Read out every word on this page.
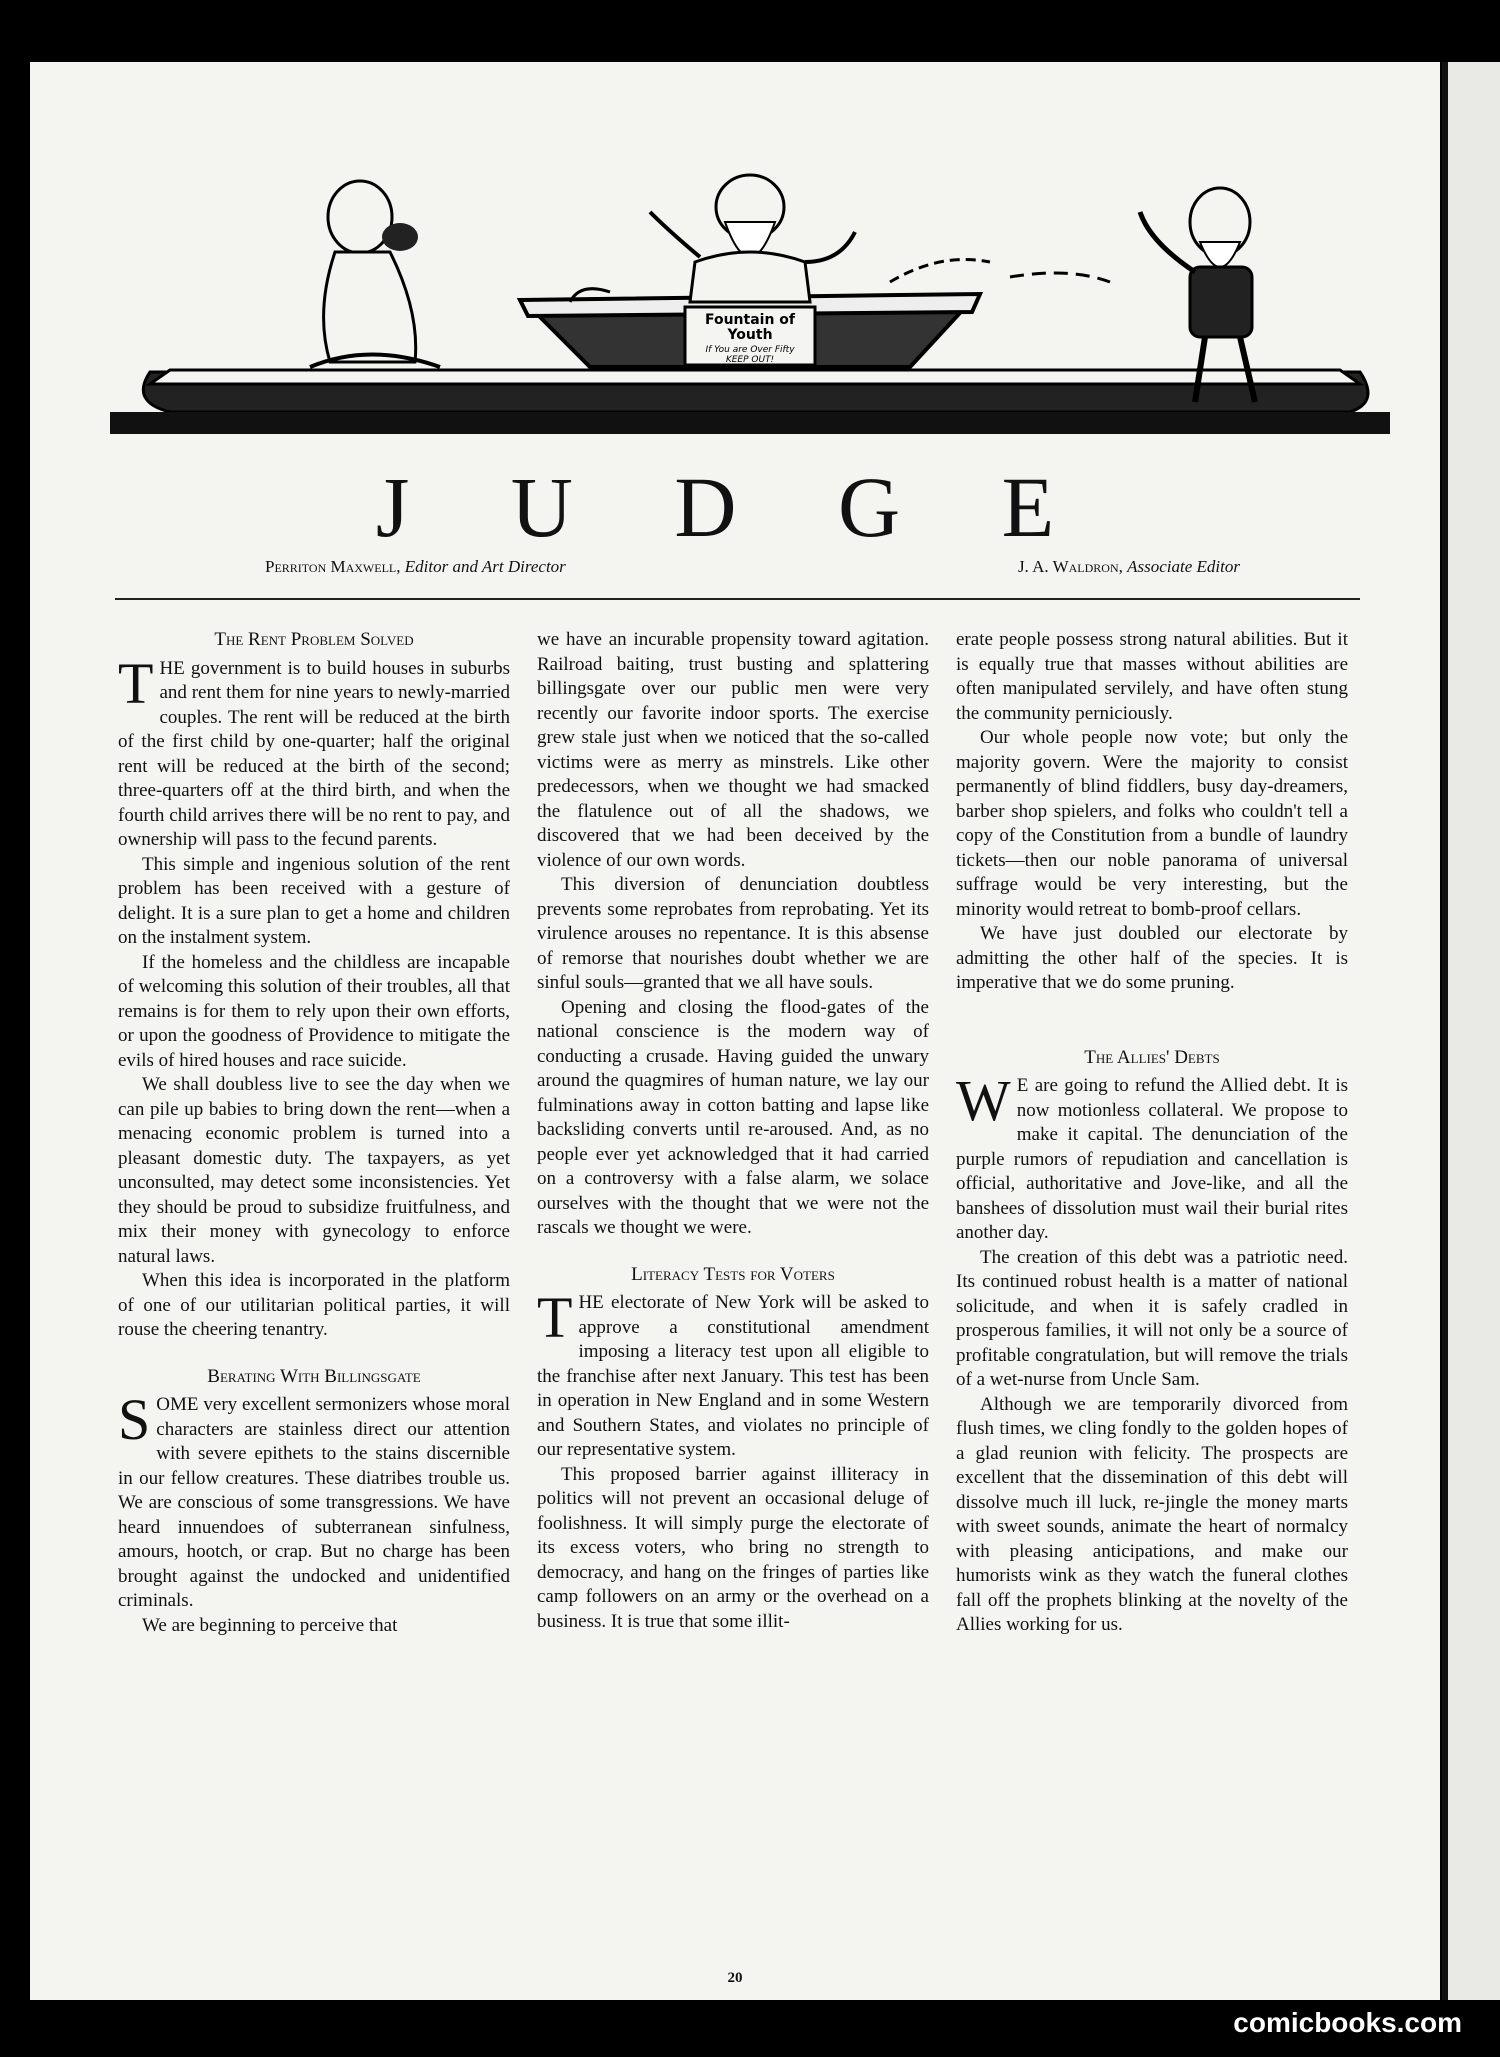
Fountain of
Youth
If You are Over Fifty
KEEP OUT!
J U D G E
Perriton Maxwell, Editor and Art Director	J. A. Waldron, Associate Editor
The Rent Problem Solved

THE government is to build houses in suburbs and rent them for nine years to newly-married couples. The rent will be reduced at the birth of the first child by one-quarter; half the original rent will be reduced at the birth of the second; three-quarters off at the third birth, and when the fourth child arrives there will be no rent to pay, and ownership will pass to the fecund parents.

This simple and ingenious solution of the rent problem has been received with a gesture of delight. It is a sure plan to get a home and children on the instalment system.

If the homeless and the childless are incapable of welcoming this solution of their troubles, all that remains is for them to rely upon their own efforts, or upon the goodness of Providence to mitigate the evils of hired houses and race suicide.

We shall doubless live to see the day when we can pile up babies to bring down the rent—when a menacing economic problem is turned into a pleasant domestic duty. The taxpayers, as yet unconsulted, may detect some inconsistencies. Yet they should be proud to subsidize fruitfulness, and mix their money with gynecology to enforce natural laws.

When this idea is incorporated in the platform of one of our utilitarian political parties, it will rouse the cheering tenantry.

Berating With Billingsgate

SOME very excellent sermonizers whose moral characters are stainless direct our attention with severe epithets to the stains discernible in our fellow creatures. These diatribes trouble us. We are conscious of some transgressions. We have heard innuendoes of subterranean sinfulness, amours, hootch, or crap. But no charge has been brought against the undocked and unidentified criminals.

We are beginning to perceive that

we have an incurable propensity toward agitation. Railroad baiting, trust busting and splattering billingsgate over our public men were very recently our favorite indoor sports. The exercise grew stale just when we noticed that the so-called victims were as merry as minstrels. Like other predecessors, when we thought we had smacked the flatulence out of all the shadows, we discovered that we had been deceived by the violence of our own words.

This diversion of denunciation doubtless prevents some reprobates from reprobating. Yet its virulence arouses no repentance. It is this absense of remorse that nourishes doubt whether we are sinful souls—granted that we all have souls.

Opening and closing the flood-gates of the national conscience is the modern way of conducting a crusade. Having guided the unwary around the quagmires of human nature, we lay our fulminations away in cotton batting and lapse like backsliding converts until re-aroused. And, as no people ever yet acknowledged that it had carried on a controversy with a false alarm, we solace ourselves with the thought that we were not the rascals we thought we were.

Literacy Tests for Voters

THE electorate of New York will be asked to approve a constitutional amendment imposing a literacy test upon all eligible to the franchise after next January. This test has been in operation in New England and in some Western and Southern States, and violates no principle of our representative system.

This proposed barrier against illiteracy in politics will not prevent an occasional deluge of foolishness. It will simply purge the electorate of its excess voters, who bring no strength to democracy, and hang on the fringes of parties like camp followers on an army or the overhead on a business. It is true that some illit-

erate people possess strong natural abilities. But it is equally true that masses without abilities are often manipulated servilely, and have often stung the community perniciously.

Our whole people now vote; but only the majority govern. Were the majority to consist permanently of blind fiddlers, busy day-dreamers, barber shop spielers, and folks who couldn't tell a copy of the Constitution from a bundle of laundry tickets—then our noble panorama of universal suffrage would be very interesting, but the minority would retreat to bomb-proof cellars.

We have just doubled our electorate by admitting the other half of the species. It is imperative that we do some pruning.

The Allies' Debts

W E are going to refund the Allied debt. It is now motionless collateral. We propose to make it capital. The denunciation of the purple rumors of repudiation and cancellation is official, authoritative and Jove-like, and all the banshees of dissolution must wail their burial rites another day.

The creation of this debt was a patriotic need. Its continued robust health is a matter of national solicitude, and when it is safely cradled in prosperous families, it will not only be a source of profitable congratulation, but will remove the trials of a wet-nurse from Uncle Sam.

Although we are temporarily divorced from flush times, we cling fondly to the golden hopes of a glad reunion with felicity. The prospects are excellent that the dissemination of this debt will dissolve much ill luck, re-jingle the money marts with sweet sounds, animate the heart of normalcy with pleasing anticipations, and make our humorists wink as they watch the funeral clothes fall off the prophets blinking at the novelty of the Allies working for us.

20
comicbooks.com
